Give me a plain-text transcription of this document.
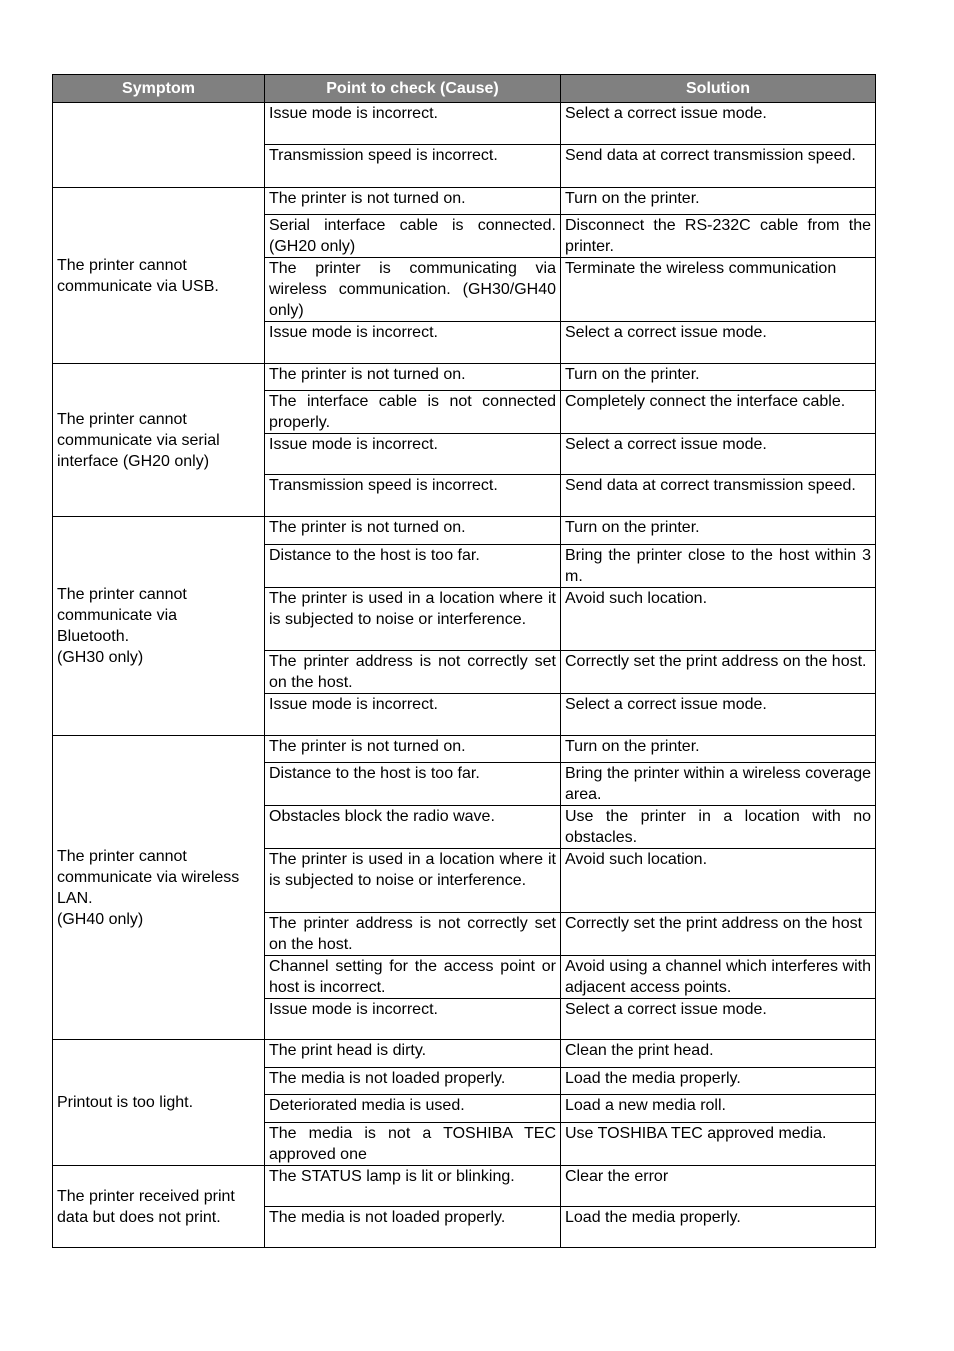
Symptom	Point to check (Cause)	Solution
	Issue mode is incorrect.	Select a correct issue mode.
	Transmission speed is incorrect.	Send data at correct transmission speed.
The printer cannot
communicate via USB.	The printer is not turned on.	Turn on the printer.
	Serial interface cable is connected. (GH20 only)	Disconnect the RS-232C cable from the printer.
	The printer is communicating via wireless communication. (GH30/GH40 only)	Terminate the wireless communication
	Issue mode is incorrect.	Select a correct issue mode.
The printer cannot
communicate via serial
interface (GH20 only)	The printer is not turned on.	Turn on the printer.
	The interface cable is not connected properly.	Completely connect the interface cable.
	Issue mode is incorrect.	Select a correct issue mode.
	Transmission speed is incorrect.	Send data at correct transmission speed.
The printer cannot
communicate via
Bluetooth.
(GH30 only)	The printer is not turned on.	Turn on the printer.
	Distance to the host is too far.	Bring the printer close to the host within 3 m.
	The printer is used in a location where it is subjected to noise or interference.	Avoid such location.
	The printer address is not correctly set on the host.	Correctly set the print address on the host.
	Issue mode is incorrect.	Select a correct issue mode.
The printer cannot
communicate via wireless
LAN.
(GH40 only)	The printer is not turned on.	Turn on the printer.
	Distance to the host is too far.	Bring the printer within a wireless coverage area.
	Obstacles block the radio wave.	Use the printer in a location with no obstacles.
	The printer is used in a location where it is subjected to noise or interference.	Avoid such location.
	The printer address is not correctly set on the host.	Correctly set the print address on the host
	Channel setting for the access point or host is incorrect.	Avoid using a channel which interferes with adjacent access points.
	Issue mode is incorrect.	Select a correct issue mode.
Printout is too light.	The print head is dirty.	Clean the print head.
	The media is not loaded properly.	Load the media properly.
	Deteriorated media is used.	Load a new media roll.
	The media is not a TOSHIBA TEC approved one	Use TOSHIBA TEC approved media.
The printer received print
data but does not print.	The STATUS lamp is lit or blinking.	Clear the error
	The media is not loaded properly.	Load the media properly.
